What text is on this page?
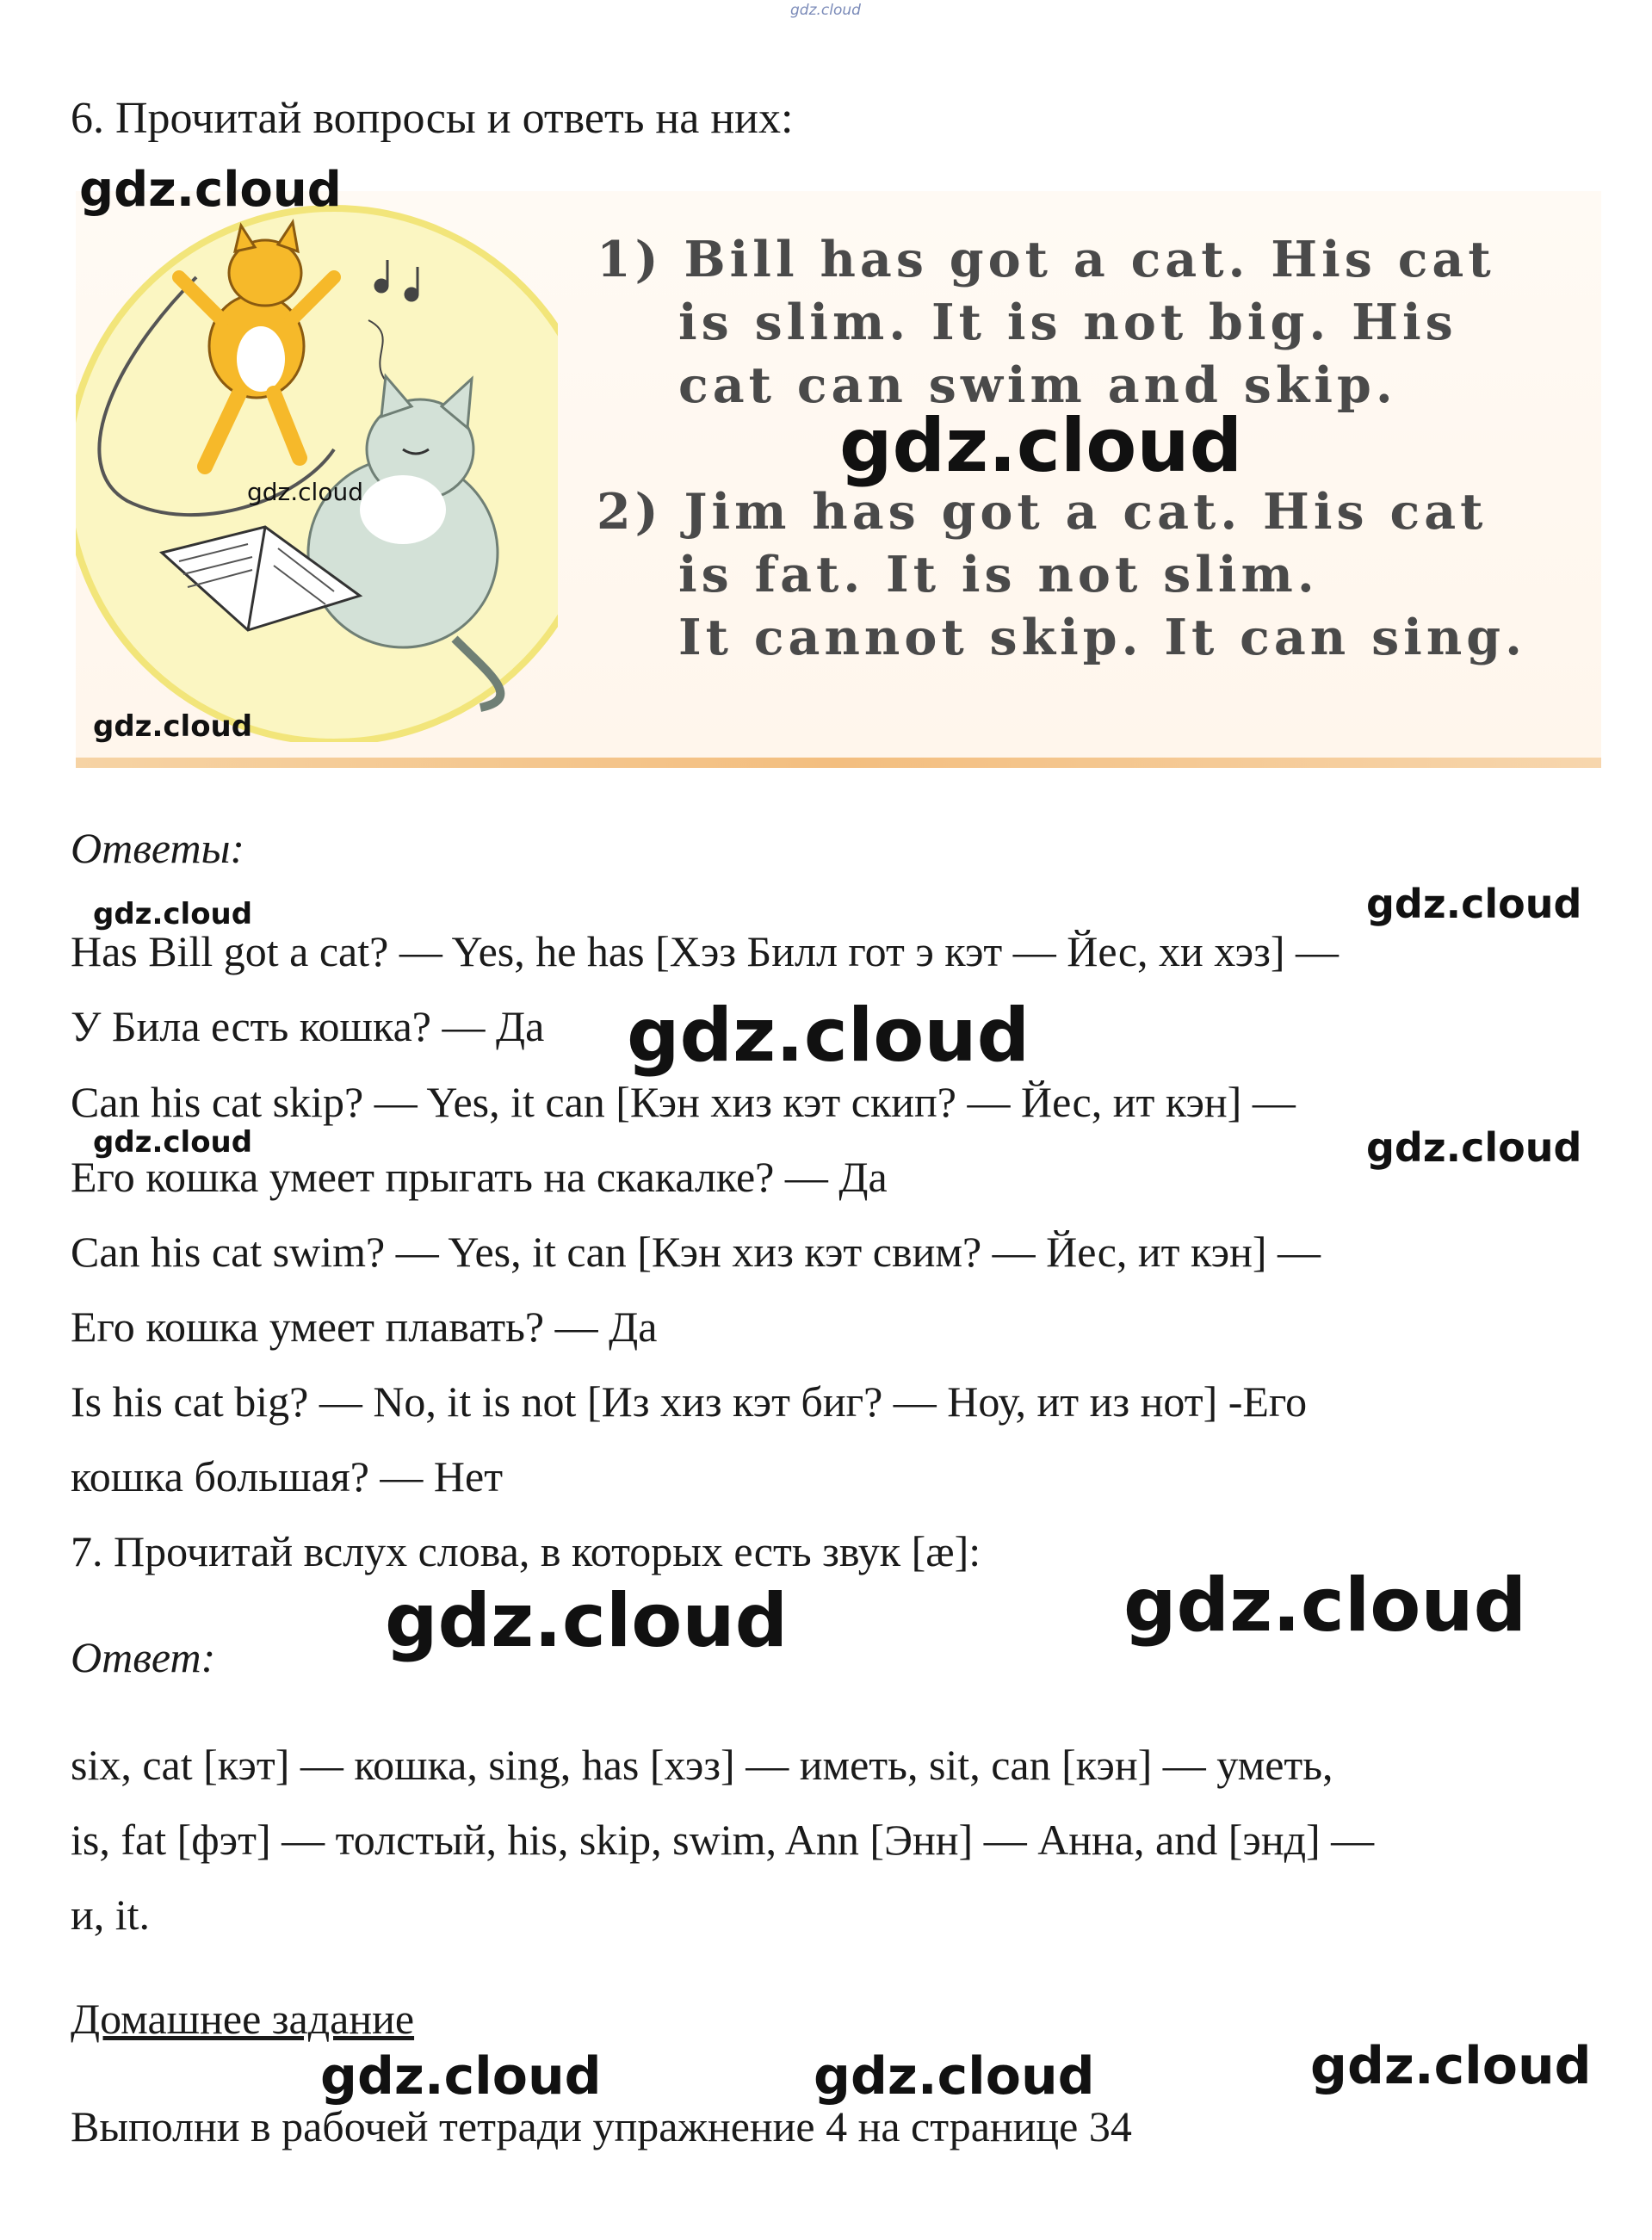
gdz.cloud
6. Прочитай вопросы и ответь на них:
1) Bill has got a cat. His cat
is slim. It is not big. His
cat can swim and skip.
2) Jim has got a cat. His cat
is fat. It is not slim.
It cannot skip. It can sing.
Ответы:
Has Bill got a cat? — Yes, he has [Хэз Билл гот э кэт — Йес, хи хэз] —
У Била есть кошка? — Да
Can his cat skip? — Yes, it can [Кэн хиз кэт скип? — Йес, ит кэн] —
Его кошка умеет прыгать на скакалке? — Да
Can his cat swim? — Yes, it can [Кэн хиз кэт свим? — Йес, ит кэн] —
Его кошка умеет плавать? — Да
Is his cat big? — No, it is not [Из хиз кэт биг? — Ноу, ит из нот] -Его
кошка большая? — Нет
7. Прочитай вслух слова, в которых есть звук [æ]:
Ответ:
six, cat [кэт] — кошка, sing, has [хэз] — иметь, sit, can [кэн] — уметь,
is, fat [фэт] — толстый, his, skip, swim, Ann [Энн] — Анна, and [энд] —
и, it.
Домашнее задание
Выполни в рабочей тетради упражнение 4 на странице 34
gdz.cloud
gdz.cloud
gdz.cloud
gdz.cloud
gdz.cloud	gdz.cloud
gdz.cloud
gdz.cloud	gdz.cloud
gdz.cloud	gdz.cloud
gdz.cloud	gdz.cloud	gdz.cloud
